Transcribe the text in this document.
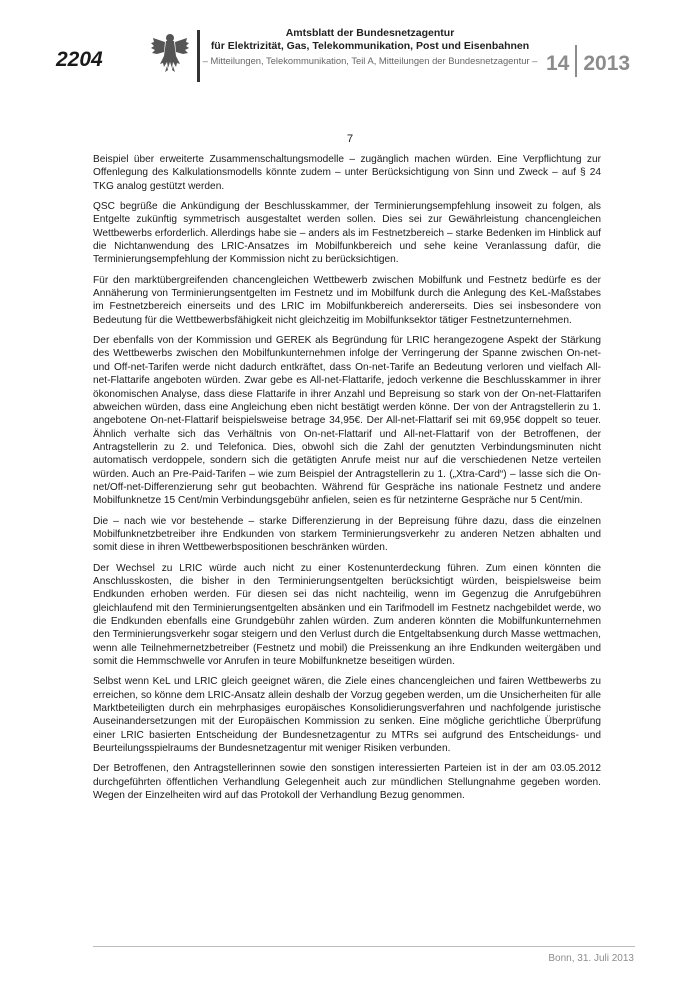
2204
Amtsblatt der Bundesnetzagentur
für Elektrizität, Gas, Telekommunikation, Post und Eisenbahnen
– Mitteilungen, Telekommunikation, Teil A, Mitteilungen der Bundesnetzagentur – 14 2013
7

Beispiel über erweiterte Zusammenschaltungsmodelle – zugänglich machen würden. Eine Verpflichtung zur Offenlegung des Kalkulationsmodells könnte zudem – unter Berücksichtigung von Sinn und Zweck – auf § 24 TKG analog gestützt werden.

QSC begrüße die Ankündigung der Beschlusskammer, der Terminierungsempfehlung insoweit zu folgen, als Entgelte zukünftig symmetrisch ausgestaltet werden sollen. Dies sei zur Gewährleistung chancengleichen Wettbewerbs erforderlich. Allerdings habe sie – anders als im Festnetzbereich – starke Bedenken im Hinblick auf die Nichtanwendung des LRIC-Ansatzes im Mobilfunkbereich und sehe keine Veranlassung dafür, die Terminierungsempfehlung der Kommission nicht zu berücksichtigen.

Für den marktübergreifenden chancengleichen Wettbewerb zwischen Mobilfunk und Festnetz bedürfe es der Annäherung von Terminierungsentgelten im Festnetz und im Mobilfunk durch die Anlegung des KeL-Maßstabes im Festnetzbereich einerseits und des LRIC im Mobilfunkbereich andererseits. Dies sei insbesondere von Bedeutung für die Wettbewerbsfähigkeit nicht gleichzeitig im Mobilfunksektor tätiger Festnetzunternehmen.

Der ebenfalls von der Kommission und GEREK als Begründung für LRIC herangezogene Aspekt der Stärkung des Wettbewerbs zwischen den Mobilfunkunternehmen infolge der Verringerung der Spanne zwischen On-net- und Off-net-Tarifen werde nicht dadurch entkräftet, dass On-net-Tarife an Bedeutung verloren und vielfach All-net-Flattarife angeboten würden. Zwar gebe es All-net-Flattarife, jedoch verkenne die Beschlusskammer in ihrer ökonomischen Analyse, dass diese Flattarife in ihrer Anzahl und Bepreisung so stark von der On-net-Flattarifen abweichen würden, dass eine Angleichung eben nicht bestätigt werden könne. Der von der Antragstellerin zu 1. angebotene On-net-Flattarif beispielsweise betrage 34,95€. Der All-net-Flattarif sei mit 69,95€ doppelt so teuer. Ähnlich verhalte sich das Verhältnis von On-net-Flattarif und All-net-Flattarif von der Betroffenen, der Antragstellerin zu 2. und Telefonica. Dies, obwohl sich die Zahl der genutzten Verbindungsminuten nicht automatisch verdoppele, sondern sich die getätigten Anrufe meist nur auf die verschiedenen Netze verteilen würden. Auch an Pre-Paid-Tarifen – wie zum Beispiel der Antragstellerin zu 1. („Xtra-Card“) – lasse sich die On-net/Off-net-Differenzierung sehr gut beobachten. Während für Gespräche ins nationale Festnetz und andere Mobilfunknetze 15 Cent/min Verbindungsgebühr anfielen, seien es für netzinterne Gespräche nur 5 Cent/min.

Die – nach wie vor bestehende – starke Differenzierung in der Bepreisung führe dazu, dass die einzelnen Mobilfunknetzbetreiber ihre Endkunden von starkem Terminierungsverkehr zu anderen Netzen abhalten und somit diese in ihren Wettbewerbspositionen beschränken würden.

Der Wechsel zu LRIC würde auch nicht zu einer Kostenunterdeckung führen. Zum einen könnten die Anschlusskosten, die bisher in den Terminierungsentgelten berücksichtigt würden, beispielsweise beim Endkunden erhoben werden. Für diesen sei das nicht nachteilig, wenn im Gegenzug die Anrufgebühren gleichlaufend mit den Terminierungsentgelten absänken und ein Tarifmodell im Festnetz nachgebildet werde, wo die Endkunden ebenfalls eine Grundgebühr zahlen würden. Zum anderen könnten die Mobilfunkunternehmen den Terminierungsverkehr sogar steigern und den Verlust durch die Entgeltabsenkung durch Masse wettmachen, wenn alle Teilnehmernetzbetreiber (Festnetz und mobil) die Preissenkung an ihre Endkunden weitergäben und somit die Hemmschwelle vor Anrufen in teure Mobilfunknetze beseitigen würden.

Selbst wenn KeL und LRIC gleich geeignet wären, die Ziele eines chancengleichen und fairen Wettbewerbs zu erreichen, so könne dem LRIC-Ansatz allein deshalb der Vorzug gegeben werden, um die Unsicherheiten für alle Marktbeteiligten durch ein mehrphasiges europäisches Konsolidierungsverfahren und nachfolgende juristische Auseinandersetzungen mit der Europäischen Kommission zu senken. Eine mögliche gerichtliche Überprüfung einer LRIC basierten Entscheidung der Bundesnetzagentur zu MTRs sei aufgrund des Entscheidungs- und Beurteilungsspielraums der Bundesnetzagentur mit weniger Risiken verbunden.

Der Betroffenen, den Antragstellerinnen sowie den sonstigen interessierten Parteien ist in der am 03.05.2012 durchgeführten öffentlichen Verhandlung Gelegenheit auch zur mündlichen Stellungnahme gegeben worden. Wegen der Einzelheiten wird auf das Protokoll der Verhandlung Bezug genommen.

Bonn, 31. Juli 2013
